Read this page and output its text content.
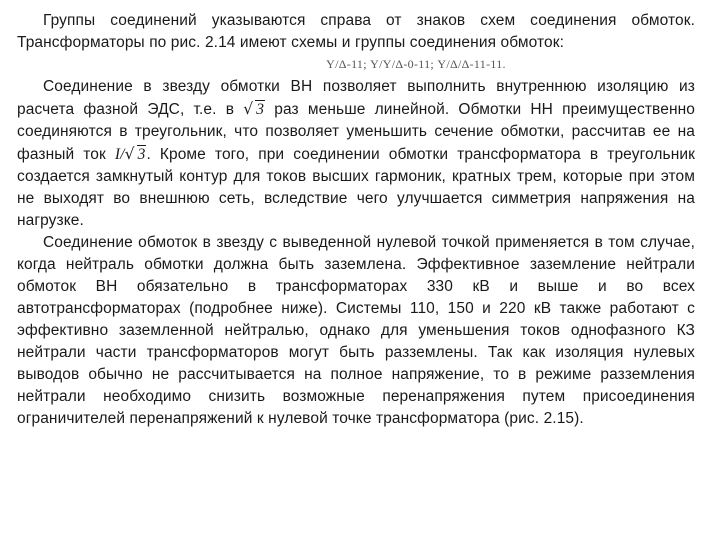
Группы соединений указываются справа от знаков схем соединения обмоток. Трансформаторы по рис. 2.14 имеют схемы и группы соединения обмоток:

Y/Δ-11; Y/Y/Δ-0-11; Y/Δ/Δ-11-11.

Соединение в звезду обмотки ВН позволяет выполнить внутреннюю изоляцию из расчета фазной ЭДС, т.е. в √ 3 раз меньше линейной. Обмотки НН преимущественно соединяются в треугольник, что позволяет уменьшить сечение обмотки, рассчитав ее на фазный ток I/√ 3. Кроме того, при соединении обмотки трансформатора в треугольник создается замкнутый контур для токов высших гармоник, кратных трем, которые при этом не выходят во внешнюю сеть, вследствие чего улучшается симметрия напряжения на нагрузке.

Соединение обмоток в звезду с выведенной нулевой точкой применяется в том случае, когда нейтраль обмотки должна быть заземлена. Эффективное заземление нейтрали обмоток ВН обязательно в трансформаторах 330 кВ и выше и во всех автотрансформаторах (подробнее ниже). Системы 110, 150 и 220 кВ также работают с эффективно заземленной нейтралью, однако для уменьшения токов однофазного КЗ нейтрали части трансформаторов могут быть разземлены. Так как изоляция нулевых выводов обычно не рассчитывается на полное напряжение, то в режиме разземления нейтрали необходимо снизить возможные перенапряжения путем присоединения ограничителей перенапряжений к нулевой точке трансформатора (рис. 2.15).
